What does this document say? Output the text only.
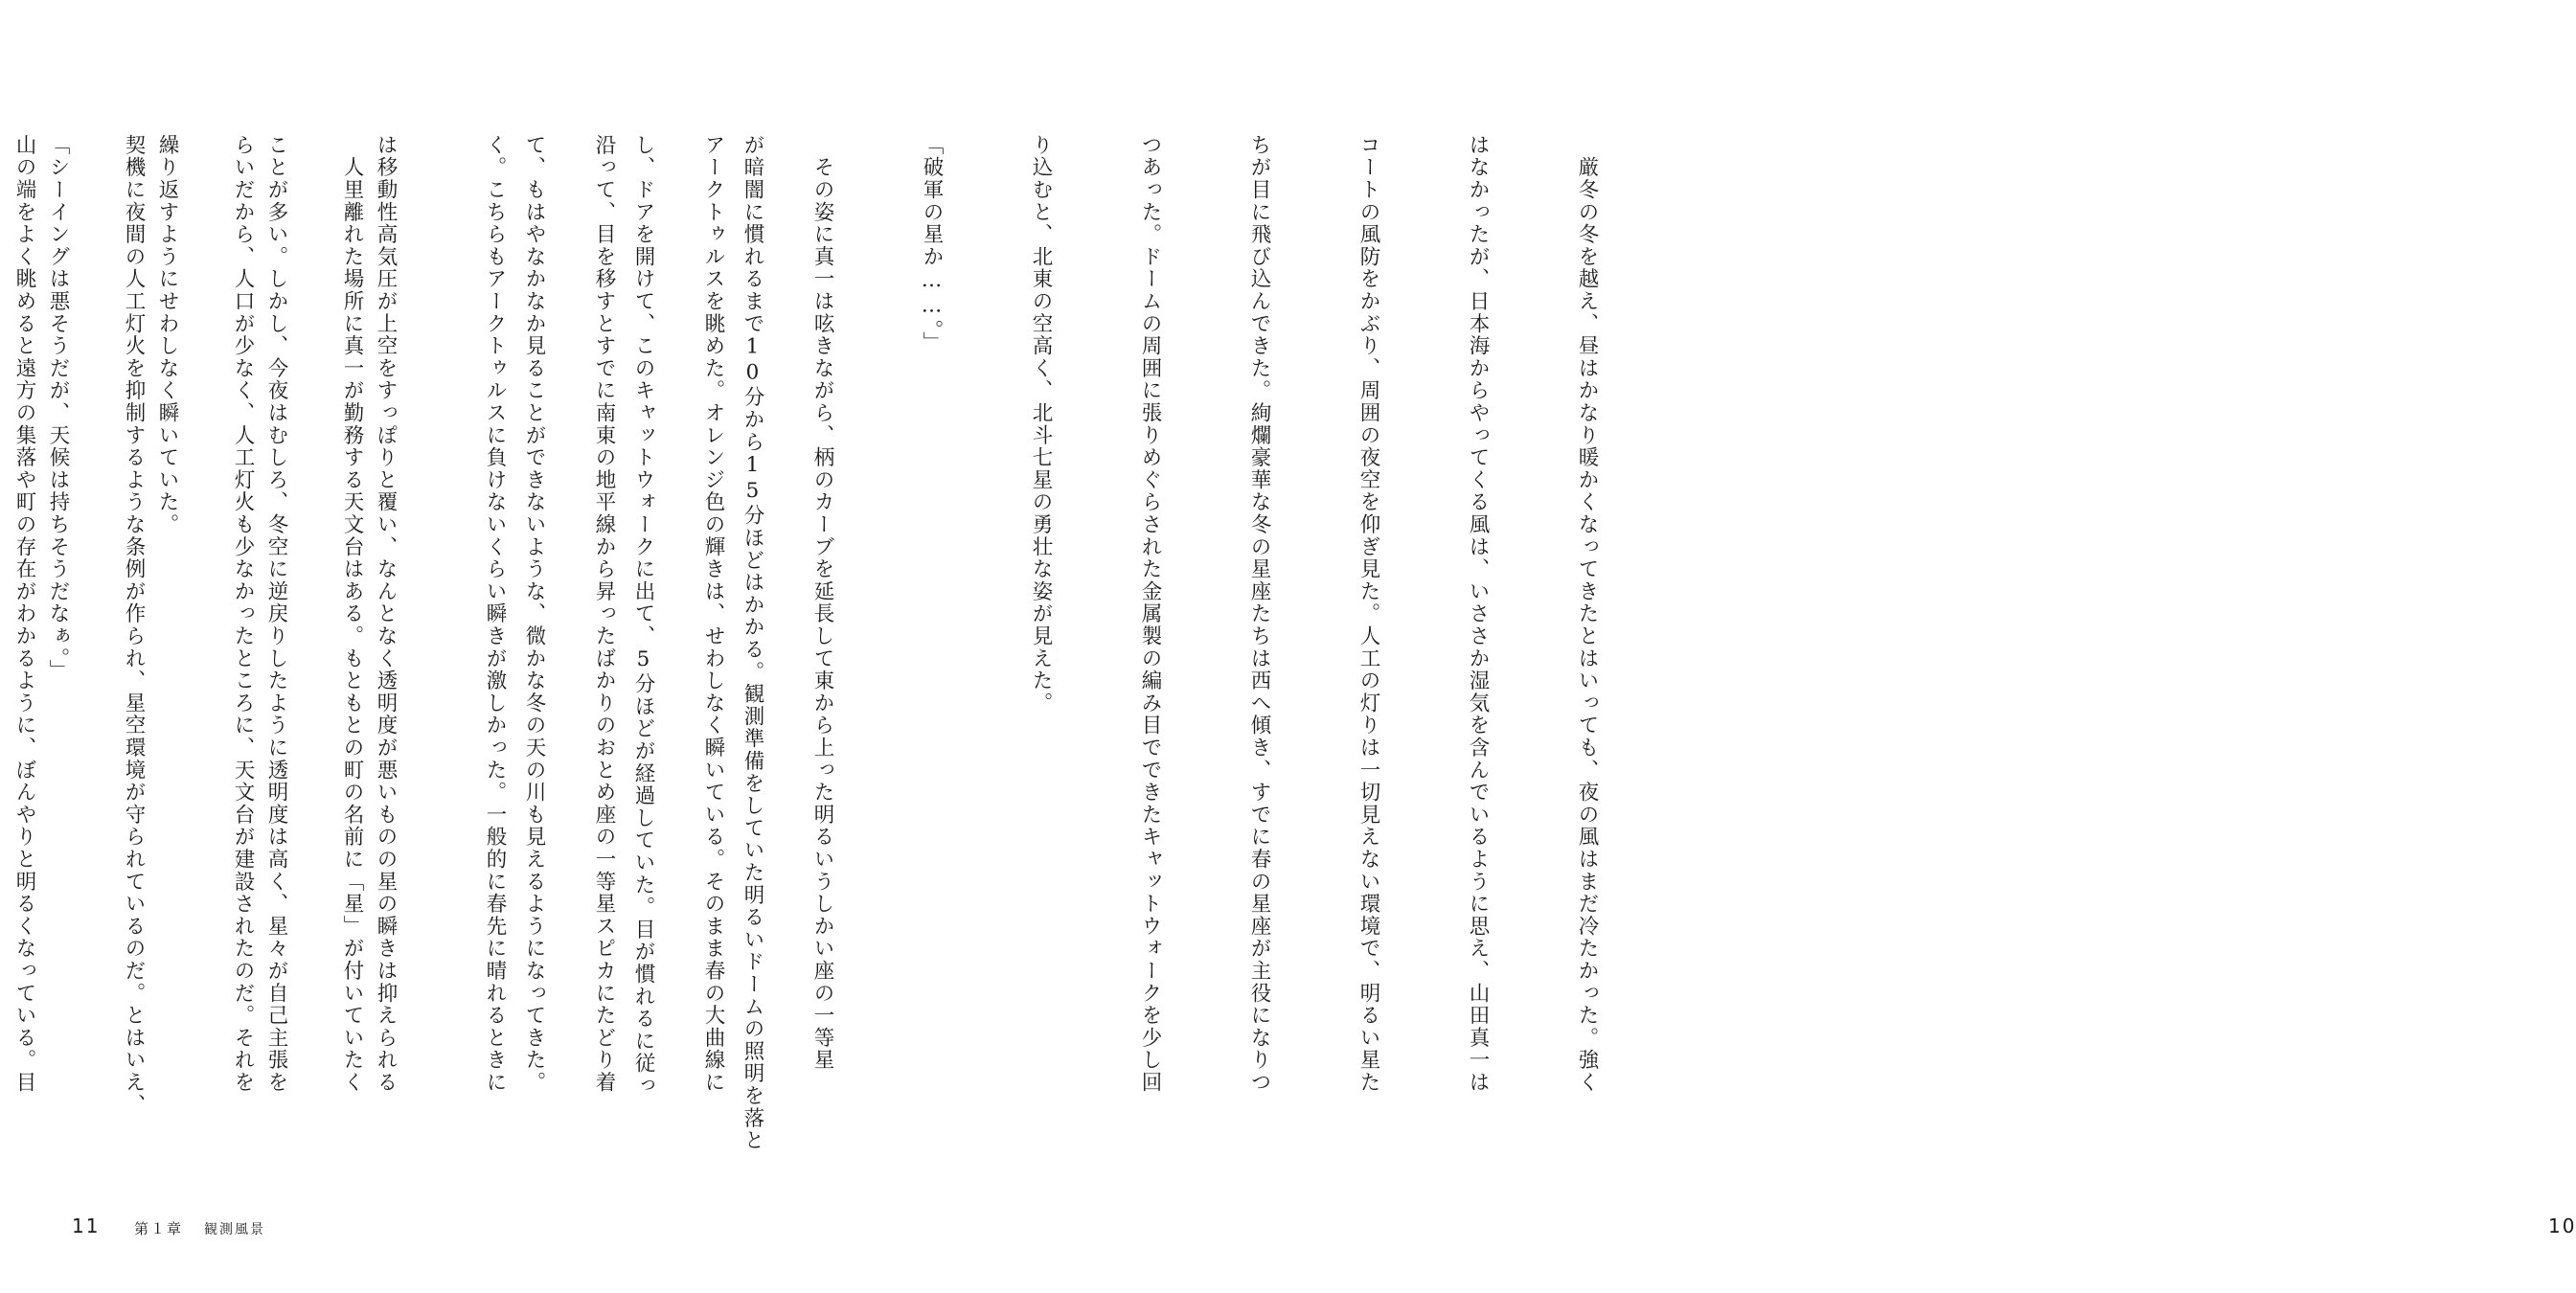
　厳冬の冬を越え、昼はかなり暖かくなってきたとはいっても、夜の風はまだ冷たかった。強く

はなかったが、日本海からやってくる風は、いささか湿気を含んでいるように思え、山田真一は

コートの風防をかぶり、周囲の夜空を仰ぎ見た。人工の灯りは一切見えない環境で、明るい星た

ちが目に飛び込んできた。絢爛豪華な冬の星座たちは西へ傾き、すでに春の星座が主役になりつ

つあった。ドームの周囲に張りめぐらされた金属製の編み目でできたキャットウォークを少し回

り込むと、北東の空高く、北斗七星の勇壮な姿が見えた。

「破軍の星か……。」

　その姿に真一は呟きながら、柄のカーブを延長して東から上った明るいうしかい座の一等星

アークトゥルスを眺めた。オレンジ色の輝きは、せわしなく瞬いている。そのまま春の大曲線に

沿って、目を移すとすでに南東の地平線から昇ったばかりのおとめ座の一等星スピカにたどり着

く。こちらもアークトゥルスに負けないくらい瞬きが激しかった。一般的に春先に晴れるときに

は移動性高気圧が上空をすっぽりと覆い、なんとなく透明度が悪いものの星の瞬きは抑えられる

ことが多い。しかし、今夜はむしろ、冬空に逆戻りしたように透明度は高く、星々が自己主張を

繰り返すようにせわしなく瞬いていた。

「シーイングは悪そうだが、天候は持ちそうだなぁ。」

10

が暗闇に慣れるまで10分から15分ほどはかかる。観測準備をしていた明るいドームの照明を落と

し、ドアを開けて、このキャットウォークに出て、5分ほどが経過していた。目が慣れるに従っ

て、もはやなかなか見ることができないような、微かな冬の天の川も見えるようになってきた。

　人里離れた場所に真一が勤務する天文台はある。もともとの町の名前に「星」が付いていたく

らいだから、人口が少なく、人工灯火も少なかったところに、天文台が建設されたのだ。それを

契機に夜間の人工灯火を抑制するような条例が作られ、星空環境が守られているのだ。とはいえ、

山の端をよく眺めると遠方の集落や町の存在がわかるように、ぼんやりと明るくなっている。目

11 第１章 観測風景
